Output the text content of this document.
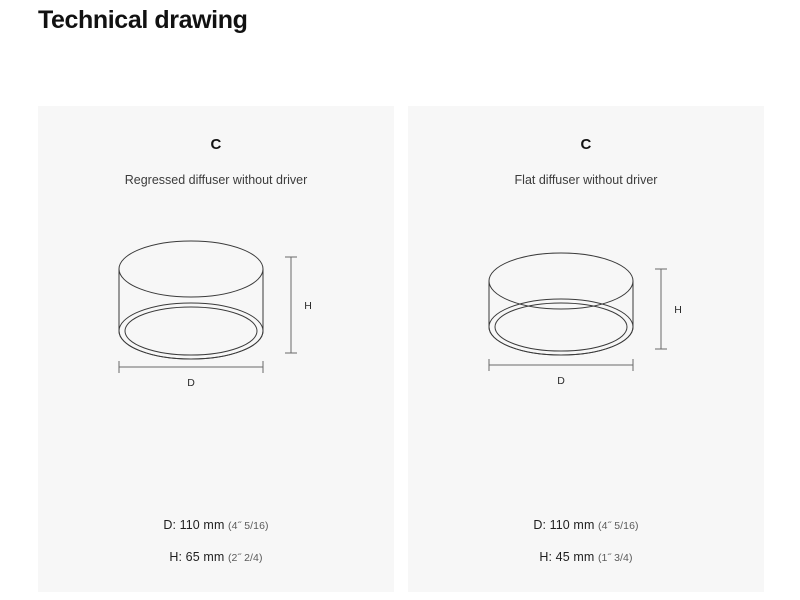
Technical drawing
C
Regressed diffuser without driver
D
H
D: 110 mm (4˝ 5/16)
H: 65 mm (2˝ 2/4)
C
Flat diffuser without driver
D
H
D: 110 mm (4˝ 5/16)
H: 45 mm (1˝ 3/4)
